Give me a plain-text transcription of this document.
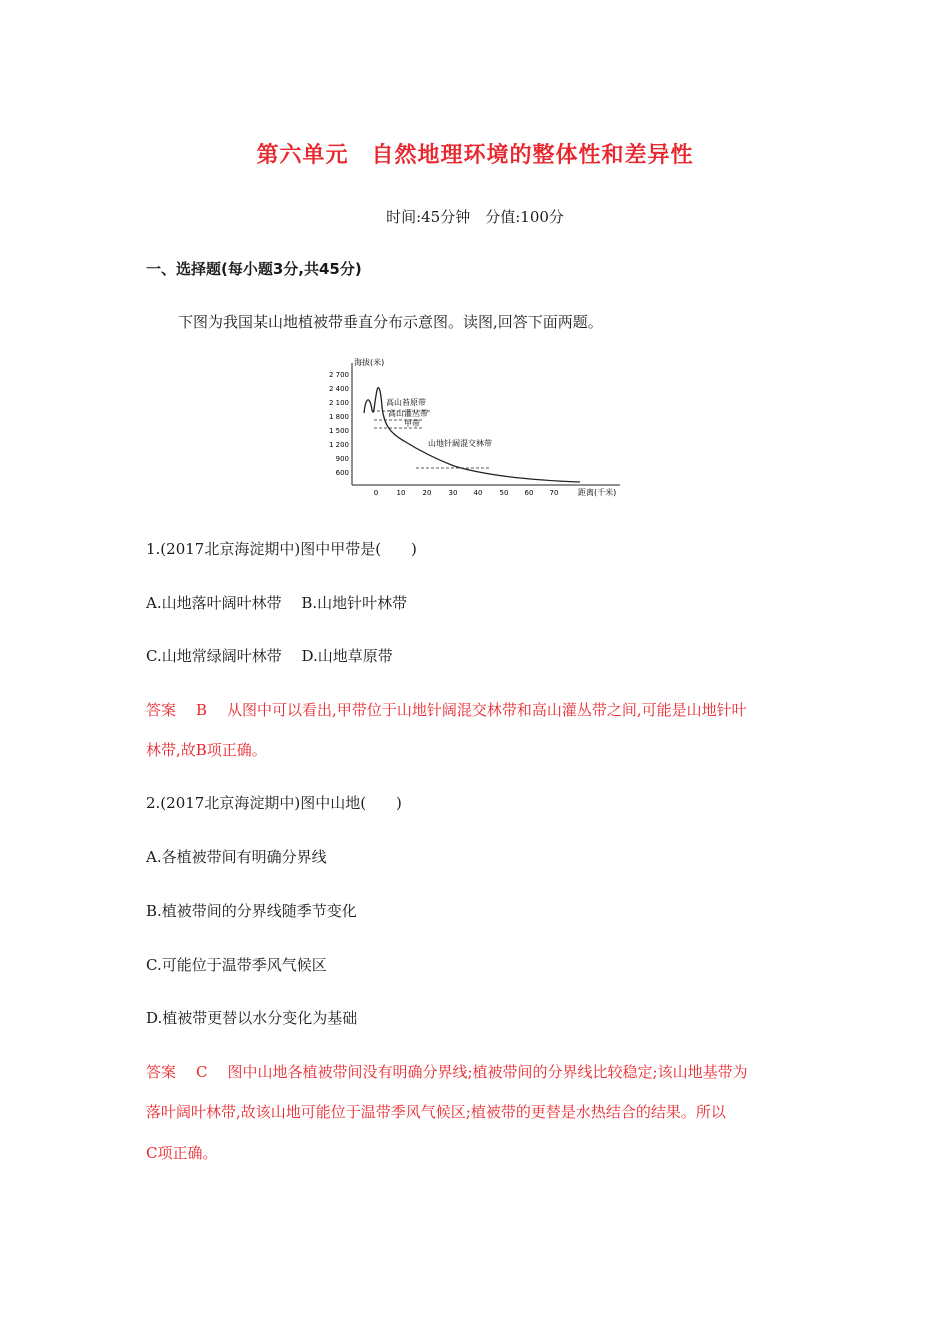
第六单元　自然地理环境的整体性和差异性
时间:45分钟　分值:100分
一、选择题(每小题3分,共45分)
下图为我国某山地植被带垂直分布示意图。读图,回答下面两题。
海拔(米)
距离(千米)
2 700
2 400
2 100
1 800
1 500
1 200
900
600
0	10 20 30 40 50 60 70
高山苔原带
高山灌丛带
甲带
山地针阔混交林带
1.(2017北京海淀期中)图中甲带是(　　)
A.山地落叶阔叶林带　 B.山地针叶林带
C.山地常绿阔叶林带　 D.山地草原带
答案 B 从图中可以看出,甲带位于山地针阔混交林带和高山灌丛带之间,可能是山地针叶
林带,故B项正确。
2.(2017北京海淀期中)图中山地(　　)
A.各植被带间有明确分界线
B.植被带间的分界线随季节变化
C.可能位于温带季风气候区
D.植被带更替以水分变化为基础
答案 C 图中山地各植被带间没有明确分界线;植被带间的分界线比较稳定;该山地基带为
落叶阔叶林带,故该山地可能位于温带季风气候区;植被带的更替是水热结合的结果。所以
C项正确。
